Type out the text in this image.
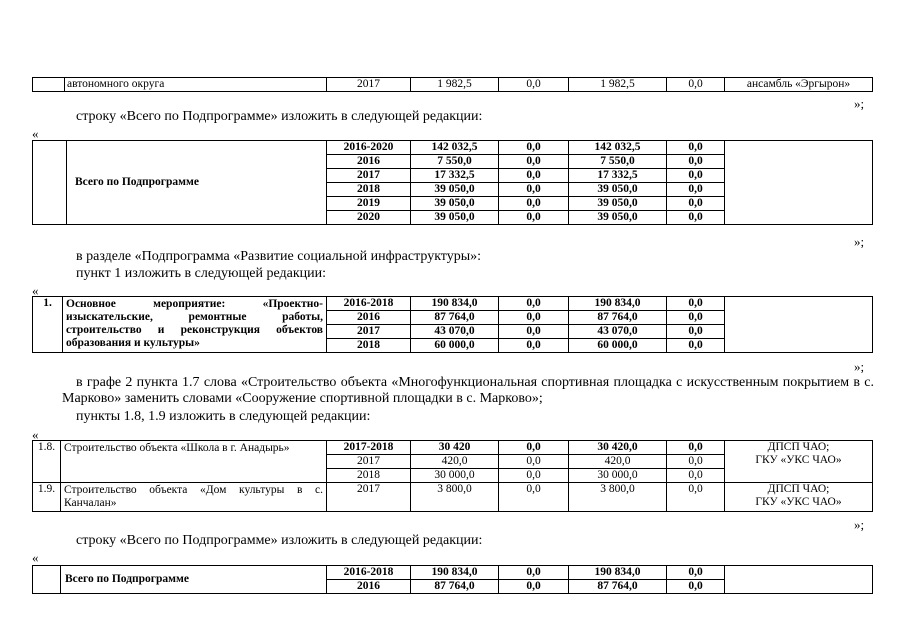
	автономного округа	2017	1 982,5	0,0	1 982,5	0,0	ансамбль «Эргырон»
»;
строку «Всего по Подпрограмме» изложить в следующей редакции:
«
	Всего по Подпрограмме	2016-2020	142 032,5	0,0	142 032,5	0,0	
		2016	7 550,0	0,0	7 550,0	0,0	
		2017	17 332,5	0,0	17 332,5	0,0	
		2018	39 050,0	0,0	39 050,0	0,0	
		2019	39 050,0	0,0	39 050,0	0,0	
		2020	39 050,0	0,0	39 050,0	0,0	
»;
в разделе «Подпрограмма «Развитие социальной инфраструктуры»:
пункт 1 изложить в следующей редакции:
«
1.	Основное мероприятие: «Проектно-изыскательские, ремонтные работы, строительство и реконструкция объектов образования и культуры»	2016-2018	190 834,0	0,0	190 834,0	0,0	
		2016	87 764,0	0,0	87 764,0	0,0	
		2017	43 070,0	0,0	43 070,0	0,0	
		2018	60 000,0	0,0	60 000,0	0,0	
»;
в графе 2 пункта 1.7 слова «Строительство объекта «Многофункциональная спортивная площадка с искусственным покрытием в с. Марково» заменить словами «Сооружение спортивной площадки в с. Марково»;
пункты 1.8, 1.9 изложить в следующей редакции:
«
1.8.	Строительство объекта «Школа в г. Анадырь»	2017-2018	30 420	0,0	30 420,0	0,0	ДПСП ЧАО;
ГКУ «УКС ЧАО»

		2017	420,0	0,0	420,0	0,0	
		2018	30 000,0	0,0	30 000,0	0,0	
1.9.	Строительство объекта «Дом культуры в с. Канчалан»	2017	3 800,0	0,0	3 800,0	0,0	ДПСП ЧАО;
ГКУ «УКС ЧАО»
»;
строку «Всего по Подпрограмме» изложить в следующей редакции:
«
	Всего по Подпрограмме	2016-2018	190 834,0	0,0	190 834,0	0,0	
		2016	87 764,0	0,0	87 764,0	0,0	
